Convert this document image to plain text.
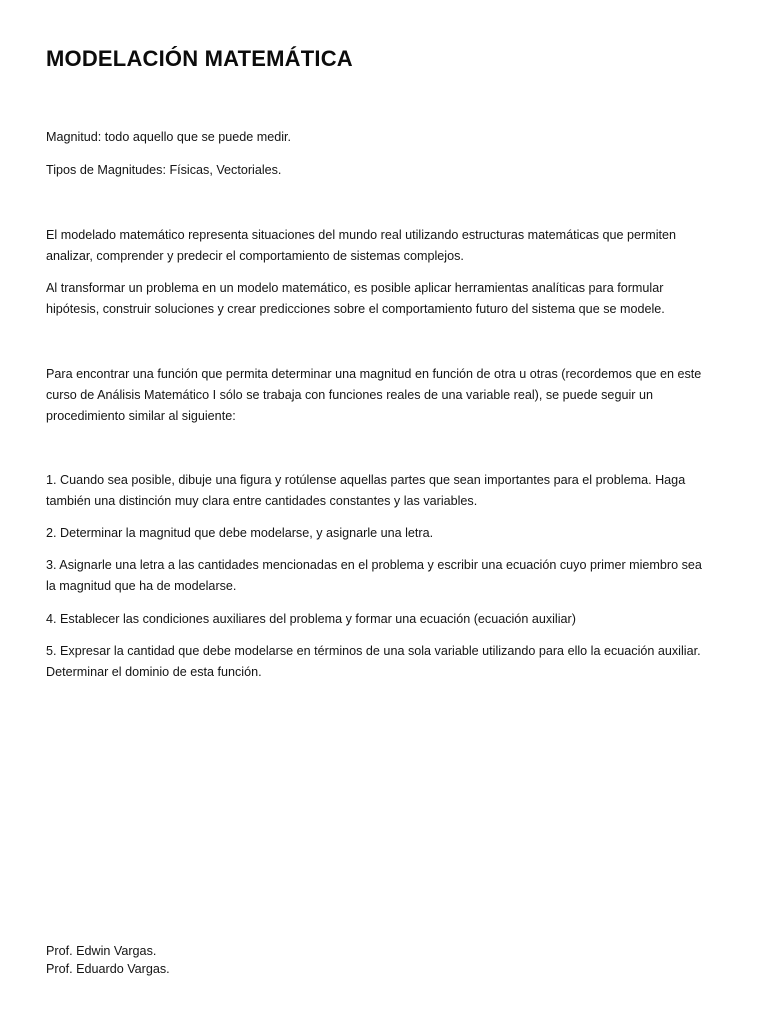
MODELACIÓN MATEMÁTICA

Magnitud: todo aquello que se puede medir.

Tipos de Magnitudes: Físicas, Vectoriales.

El modelado matemático representa situaciones del mundo real utilizando estructuras matemáticas que permiten analizar, comprender y predecir el comportamiento de sistemas complejos.

Al transformar un problema en un modelo matemático, es posible aplicar herramientas analíticas para formular hipótesis, construir soluciones y crear predicciones sobre el comportamiento futuro del sistema que se modele.

Para encontrar una función que permita determinar una magnitud en función de otra u otras (recordemos que en este curso de Análisis Matemático I sólo se trabaja con funciones reales de una variable real), se puede seguir un procedimiento similar al siguiente:

1. Cuando sea posible, dibuje una figura y rotúlense aquellas partes que sean importantes para el problema. Haga también una distinción muy clara entre cantidades constantes y las variables.

2. Determinar la magnitud que debe modelarse, y asignarle una letra.

3. Asignarle una letra a las cantidades mencionadas en el problema y escribir una ecuación cuyo primer miembro sea la magnitud que ha de modelarse.

4. Establecer las condiciones auxiliares del problema y formar una ecuación (ecuación auxiliar)

5. Expresar la cantidad que debe modelarse en términos de una sola variable utilizando para ello la ecuación auxiliar. Determinar el dominio de esta función.

Prof. Edwin Vargas.

Prof. Eduardo Vargas.
